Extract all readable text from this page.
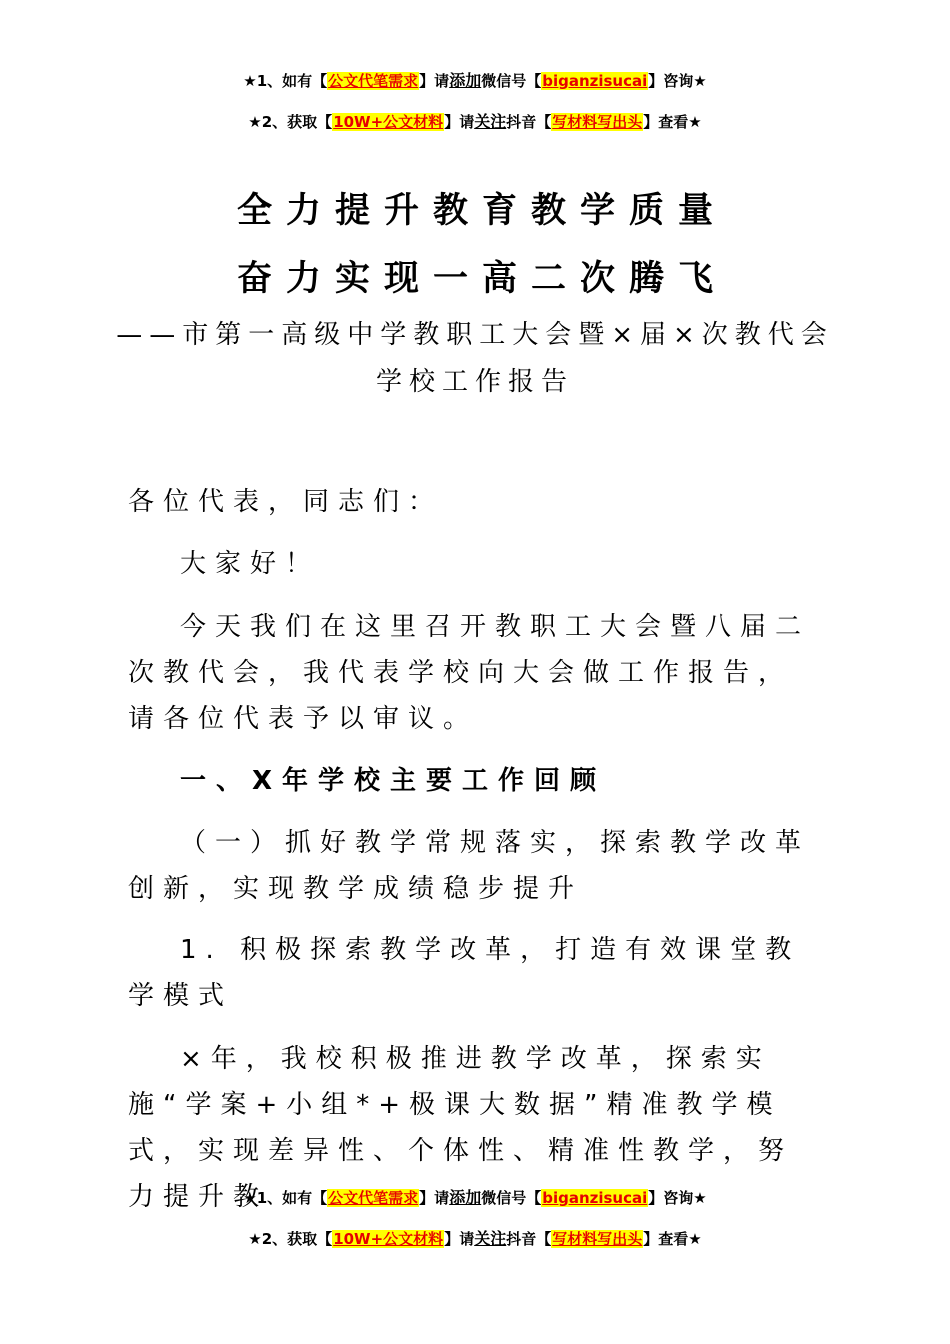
★1、如有【公文代笔需求】请添加微信号【biganzisucai】咨询★
★2、获取【10W+公文材料】请关注抖音【写材料写出头】查看★
全力提升教育教学质量
奋力实现一高二次腾飞
——市第一高级中学教职工大会暨×届×次教代会
学校工作报告

各位代表，同志们：

大家好！

今天我们在这里召开教职工大会暨八届二次教代会，我代表学校向大会做工作报告，请各位代表予以审议。

一、X年学校主要工作回顾

（一）抓好教学常规落实，探索教学改革创新，实现教学成绩稳步提升

1. 积极探索教学改革，打造有效课堂教学模式

×年，我校积极推进教学改革，探索实施“学案+小组*+极课大数据”精准教学模式，实现差异性、个体性、精准性教学，努力提升教

★1、如有【公文代笔需求】请添加微信号【biganzisucai】咨询★
★2、获取【10W+公文材料】请关注抖音【写材料写出头】查看★
